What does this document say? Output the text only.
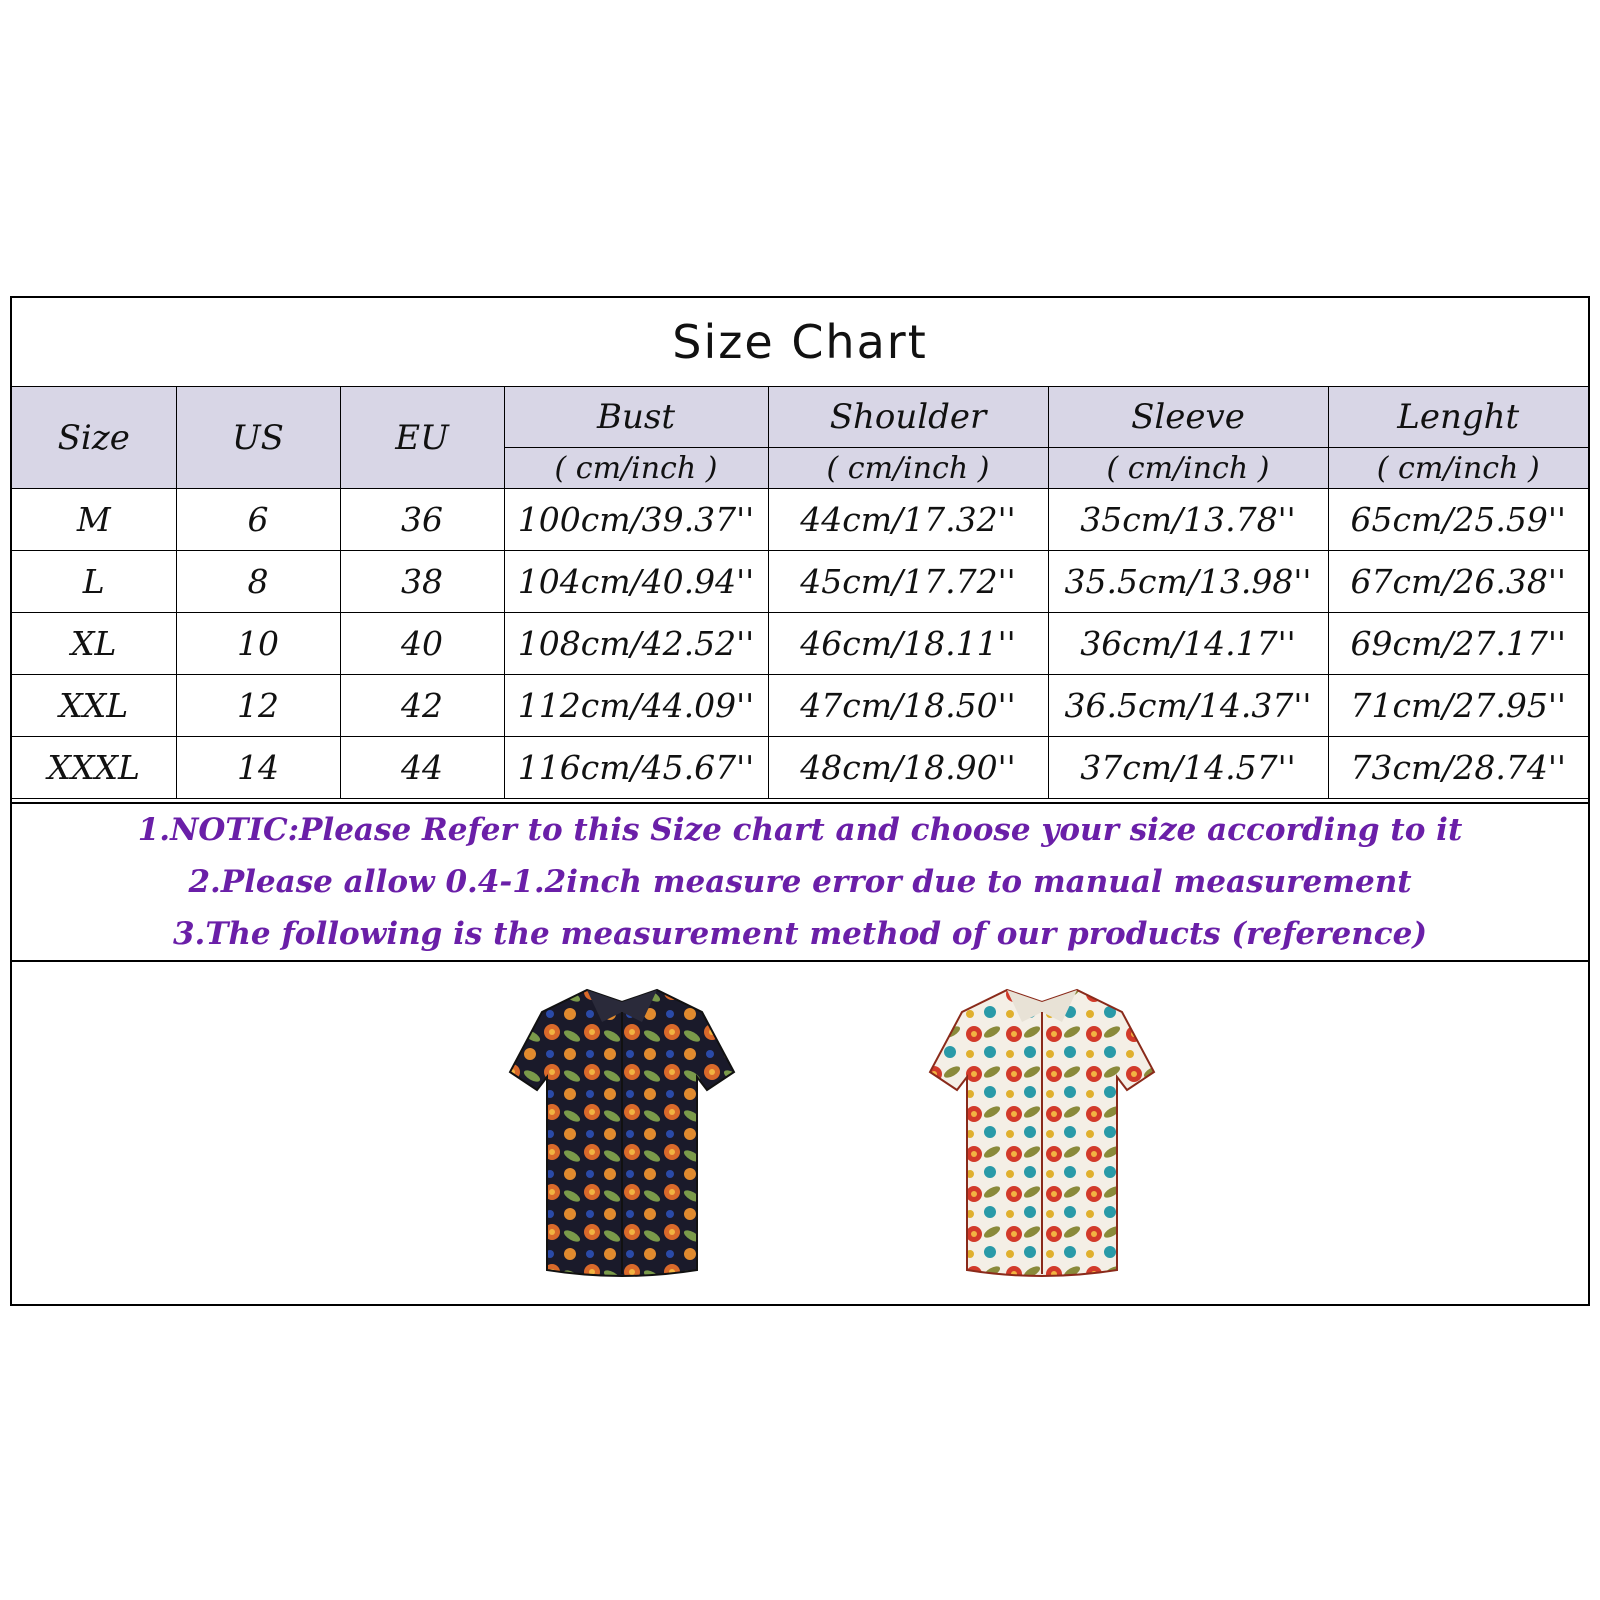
Size Chart
Size	US	EU	Bust	Shoulder	Sleeve	Lenght
			( cm/inch )	( cm/inch )	( cm/inch )	( cm/inch )
M	6	36	100cm/39.37''	44cm/17.32''	35cm/13.78''	65cm/25.59''
L	8	38	104cm/40.94''	45cm/17.72''	35.5cm/13.98''	67cm/26.38''
XL	10	40	108cm/42.52''	46cm/18.11''	36cm/14.17''	69cm/27.17''
XXL	12	42	112cm/44.09''	47cm/18.50''	36.5cm/14.37''	71cm/27.95''
XXXL	14	44	116cm/45.67''	48cm/18.90''	37cm/14.57''	73cm/28.74''
1.NOTIC:Please Refer to this Size chart and choose your size according to it
2.Please allow 0.4-1.2inch measure error due to manual measurement
3.The following is the measurement method of our products (reference)
